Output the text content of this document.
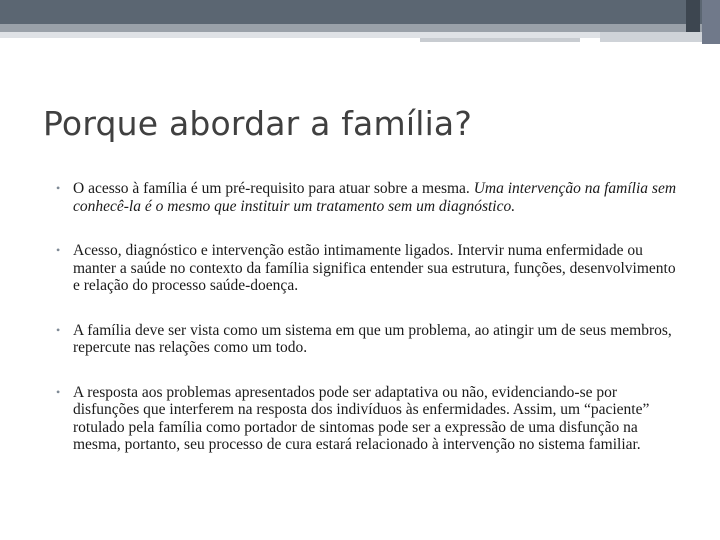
Porque abordar a família?
• O acesso à família é um pré-requisito para atuar sobre a mesma. Uma intervenção na família sem conhecê-la é o mesmo que instituir um tratamento sem um diagnóstico.
• Acesso, diagnóstico e intervenção estão intimamente ligados. Intervir numa enfermidade ou manter a saúde no contexto da família significa entender sua estrutura, funções, desenvolvimento e relação do processo saúde-doença.
• A família deve ser vista como um sistema em que um problema, ao atingir um de seus membros, repercute nas relações como um todo.
• A resposta aos problemas apresentados pode ser adaptativa ou não, evidenciando-se por disfunções que interferem na resposta dos indivíduos às enfermidades. Assim, um “paciente” rotulado pela família como portador de sintomas pode ser a expressão de uma disfunção na mesma, portanto, seu processo de cura estará relacionado à intervenção no sistema familiar.
